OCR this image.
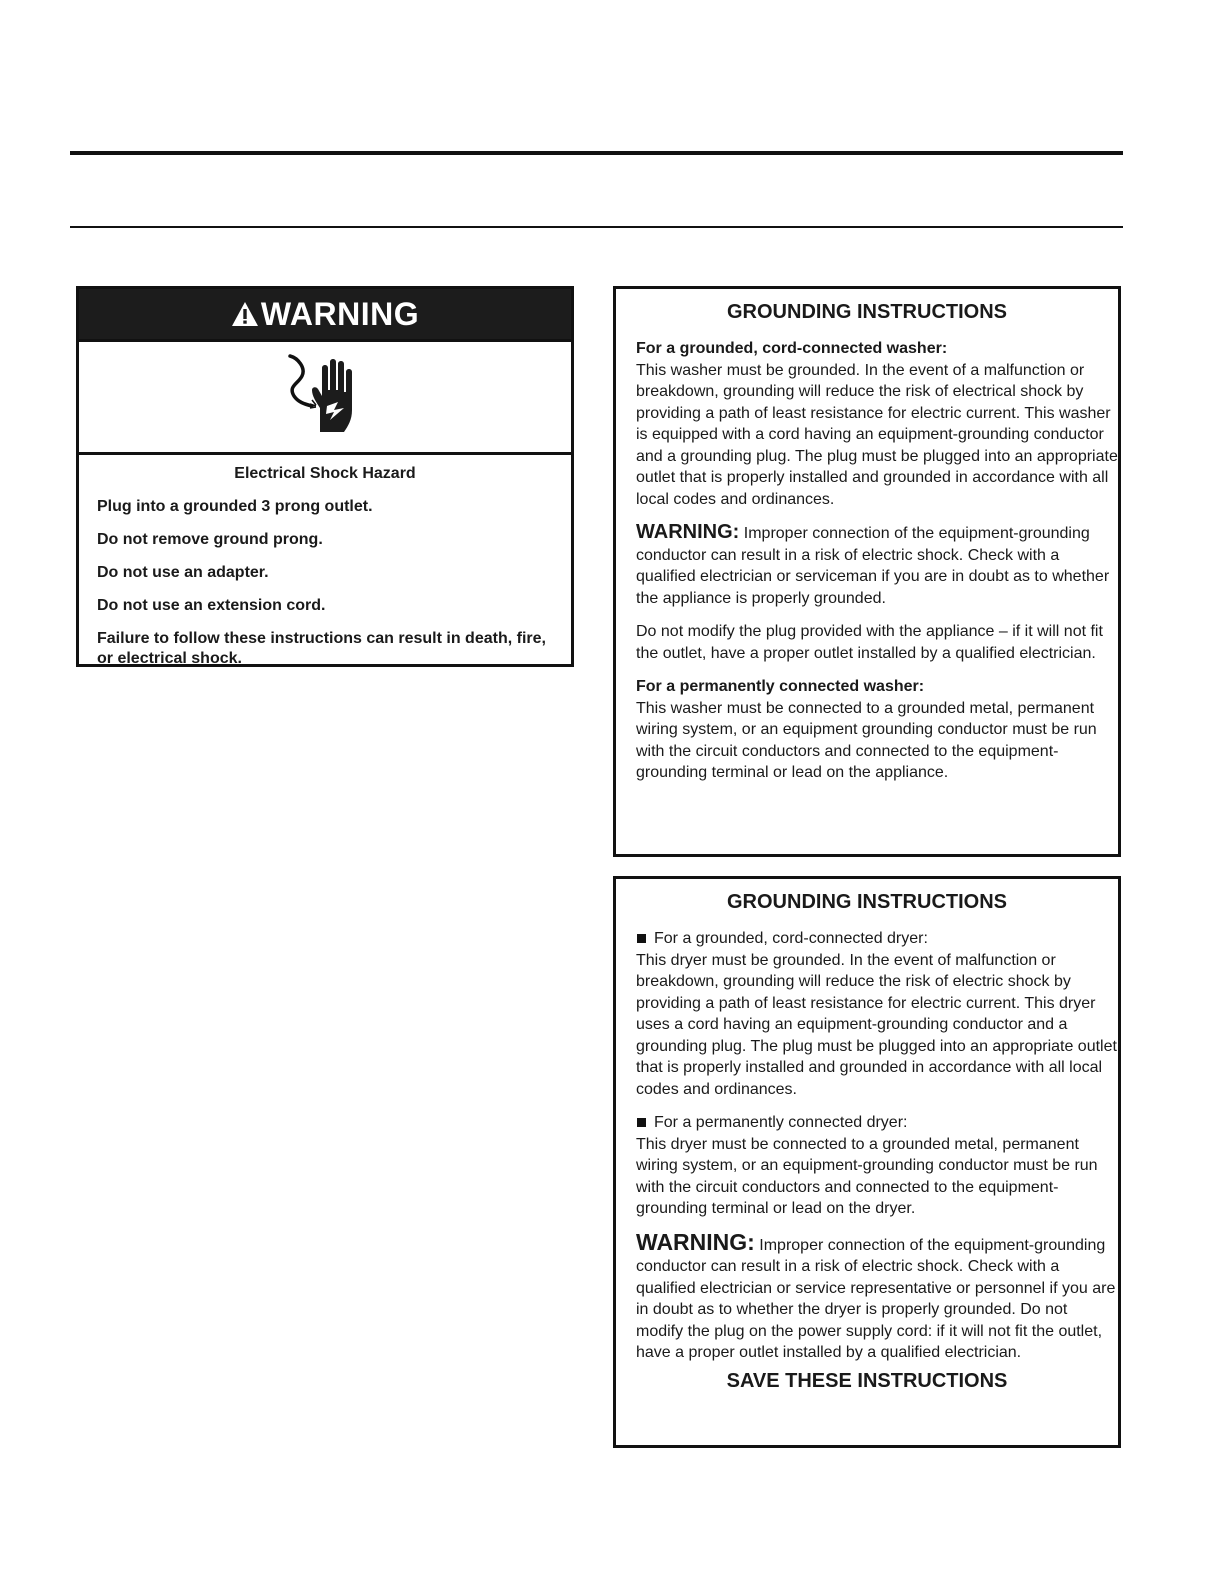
WARNING
Electrical Shock Hazard
Plug into a grounded 3 prong outlet.
Do not remove ground prong.
Do not use an adapter.
Do not use an extension cord.
Failure to follow these instructions can result in death, fire, or electrical shock.
GROUNDING INSTRUCTIONS
For a grounded, cord-connected washer:
This washer must be grounded. In the event of a malfunction or breakdown, grounding will reduce the risk of electrical shock by providing a path of least resistance for electric current. This washer is equipped with a cord having an equipment-grounding conductor and a grounding plug. The plug must be plugged into an appropriate outlet that is properly installed and grounded in accordance with all local codes and ordinances.
WARNING: Improper connection of the equipment-grounding conductor can result in a risk of electric shock. Check with a qualified electrician or serviceman if you are in doubt as to whether the appliance is properly grounded.
Do not modify the plug provided with the appliance – if it will not fit the outlet, have a proper outlet installed by a qualified electrician.
For a permanently connected washer:
This washer must be connected to a grounded metal, permanent wiring system, or an equipment grounding conductor must be run with the circuit conductors and connected to the equipment-grounding terminal or lead on the appliance.
GROUNDING INSTRUCTIONS
For a grounded, cord-connected dryer:
This dryer must be grounded. In the event of malfunction or breakdown, grounding will reduce the risk of electric shock by providing a path of least resistance for electric current. This dryer uses a cord having an equipment-grounding conductor and a grounding plug. The plug must be plugged into an appropriate outlet that is properly installed and grounded in accordance with all local codes and ordinances.
For a permanently connected dryer:
This dryer must be connected to a grounded metal, permanent wiring system, or an equipment-grounding conductor must be run with the circuit conductors and connected to the equipment-grounding terminal or lead on the dryer.
WARNING: Improper connection of the equipment-grounding conductor can result in a risk of electric shock. Check with a qualified electrician or service representative or personnel if you are in doubt as to whether the dryer is properly grounded. Do not modify the plug on the power supply cord: if it will not fit the outlet, have a proper outlet installed by a qualified electrician.
SAVE THESE INSTRUCTIONS
